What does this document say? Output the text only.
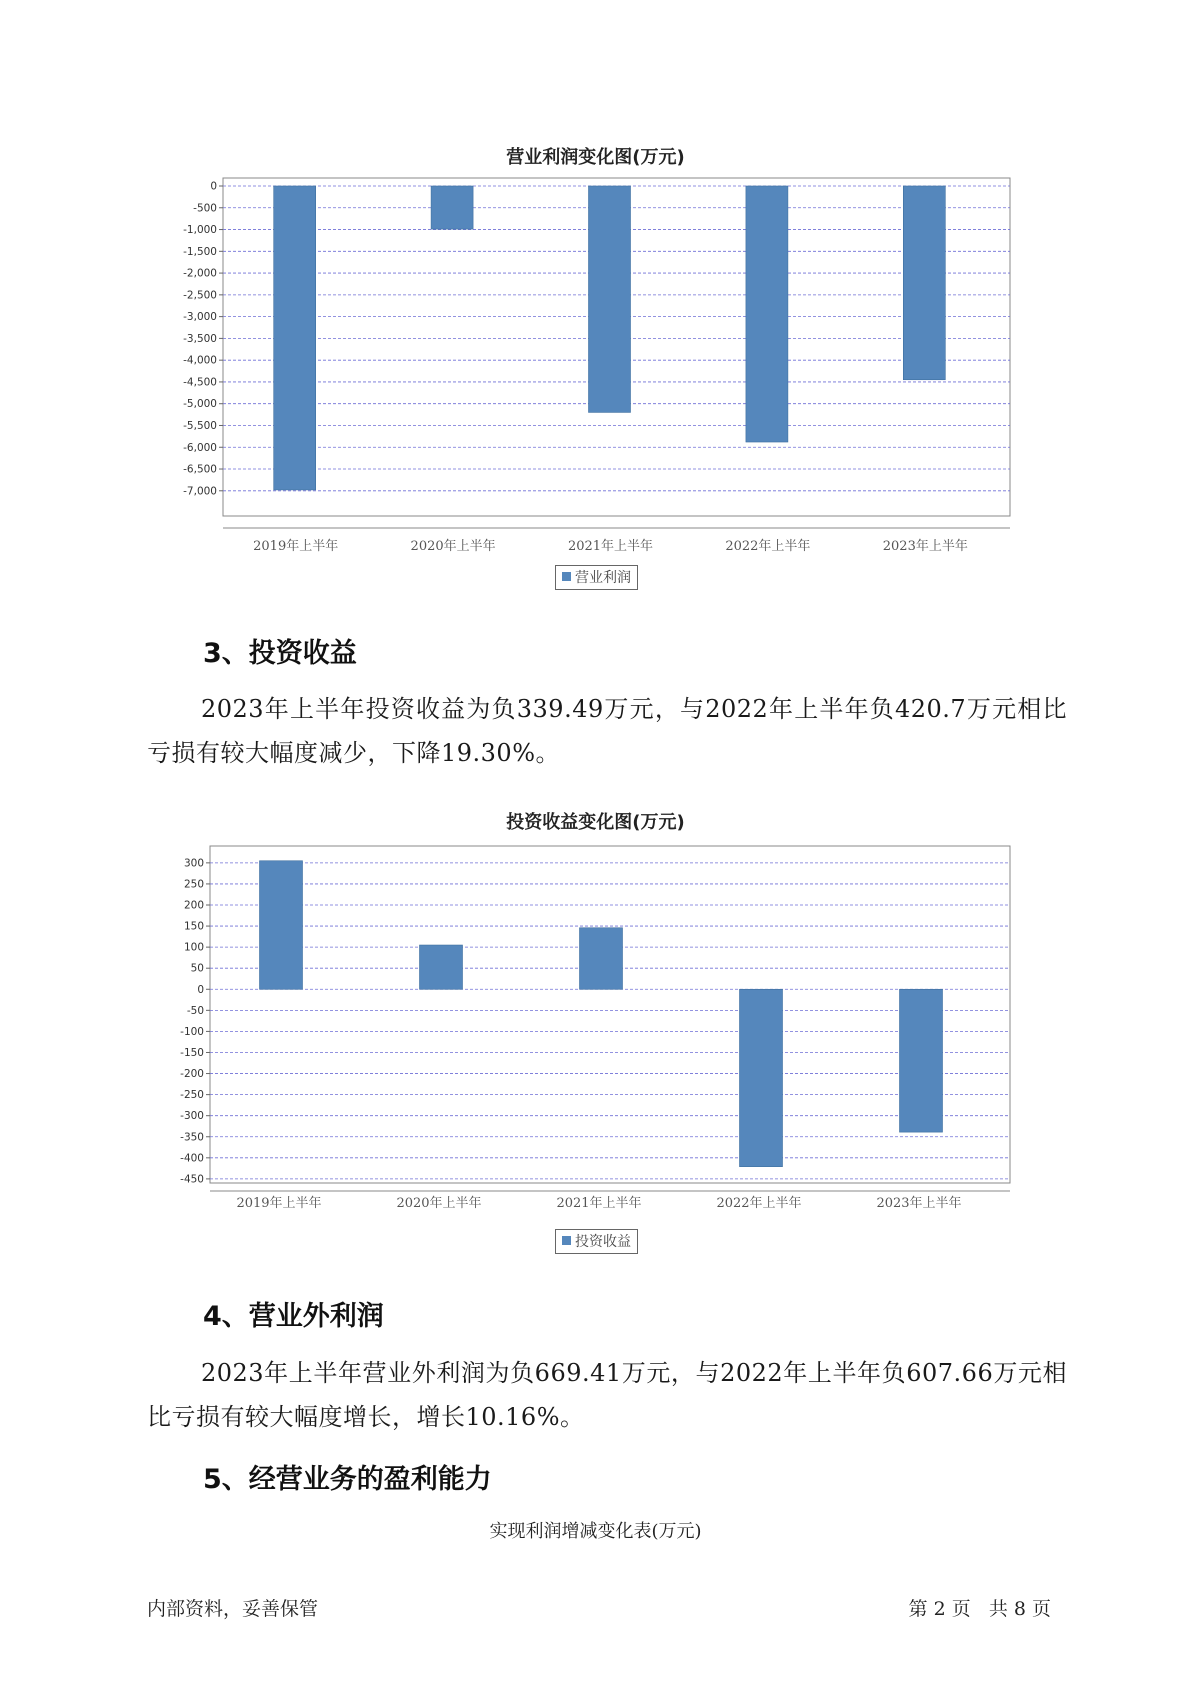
营业利润变化图(万元)
0
-500
-1,000
-1,500
-2,000
-2,500
-3,000
-3,500
-4,000
-4,500
-5,000
-5,500
-6,000
-6,500
-7,000
2019年上半年	2020年上半年	2021年上半年	2022年上半年	2023年上半年
营业利润
3、投资收益
2023年上半年投资收益为负339.49万元，与2022年上半年负420.7万元相比亏损有较大幅度减少，下降19.30%。
投资收益变化图(万元)
300
250
200
150
100
50
0
-50
-100
-150
-200
-250
-300
-350
-400
-450
2019年上半年	2020年上半年	2021年上半年	2022年上半年	2023年上半年
投资收益
4、营业外利润
2023年上半年营业外利润为负669.41万元，与2022年上半年负607.66万元相比亏损有较大幅度增长，增长10.16%。
5、经营业务的盈利能力
实现利润增减变化表(万元)
内部资料，妥善保管	第 2 页   共 8 页
